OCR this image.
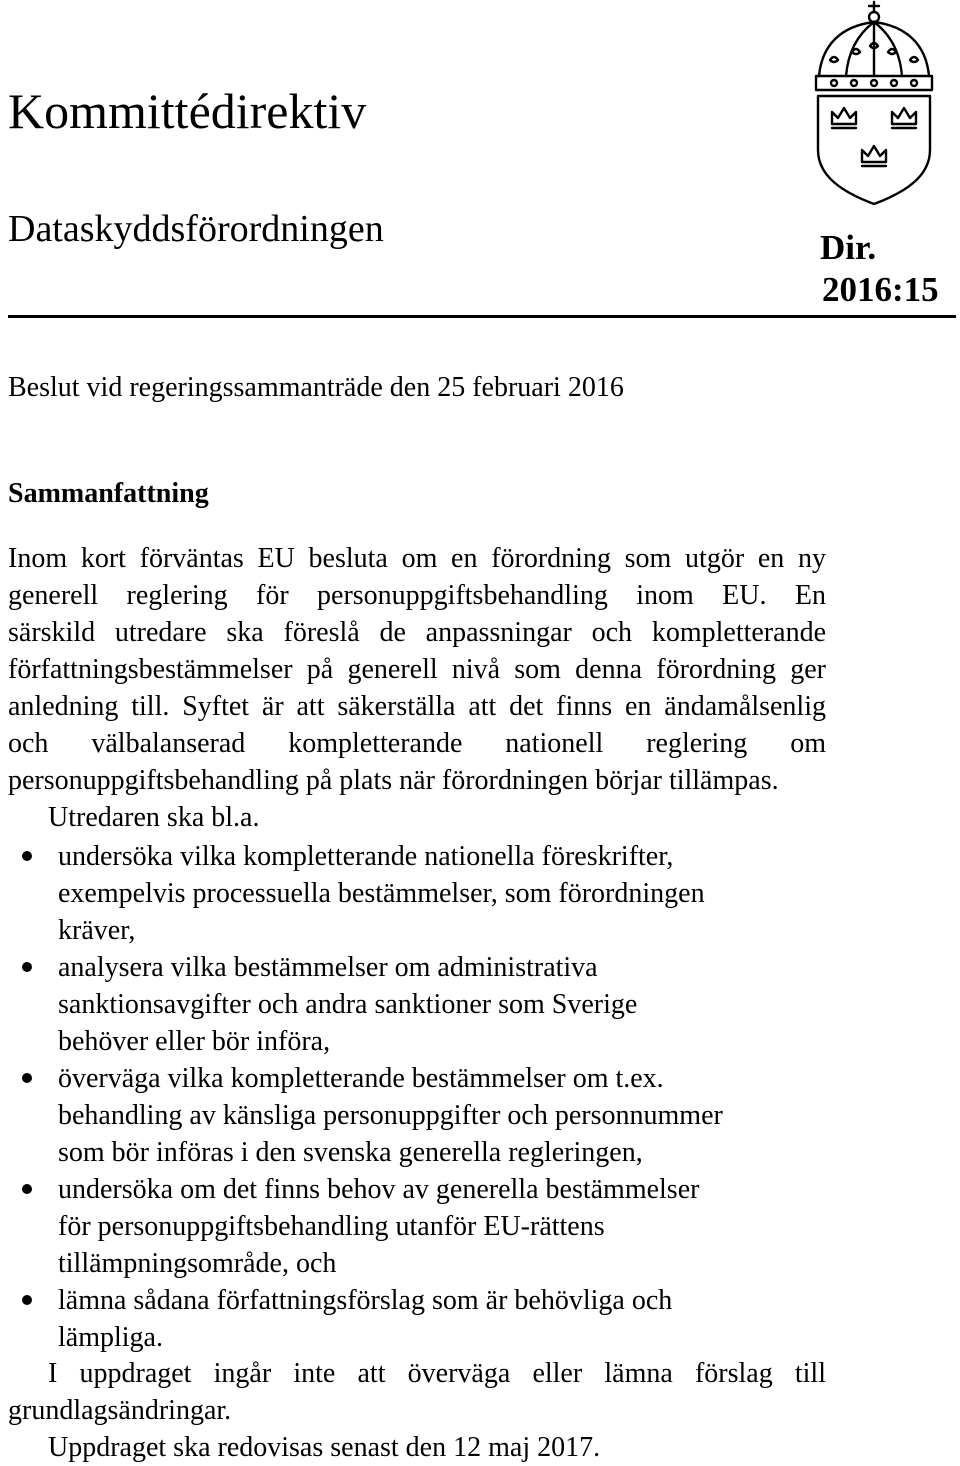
Kommittédirektiv
Dataskyddsförordningen	Dir.
2016:15
Beslut vid regeringssammanträde den 25 februari 2016
Sammanfattning
Inom kort förväntas EU besluta om en förordning som utgör en ny
generell reglering för personuppgiftsbehandling inom EU. En
särskild utredare ska föreslå de anpassningar och kompletterande
författningsbestämmelser på generell nivå som denna förordning ger
anledning till. Syftet är att säkerställa att det finns en ändamålsenlig
och välbalanserad kompletterande nationell reglering om
personuppgiftsbehandling på plats när förordningen börjar tillämpas.
Utredaren ska bl.a.
undersöka vilka kompletterande nationella föreskrifter,
exempelvis processuella bestämmelser, som förordningen
kräver,
analysera vilka bestämmelser om administrativa
sanktionsavgifter och andra sanktioner som Sverige
behöver eller bör införa,
överväga vilka kompletterande bestämmelser om t.ex.
behandling av känsliga personuppgifter och personnummer
som bör införas i den svenska generella regleringen,
undersöka om det finns behov av generella bestämmelser
för personuppgiftsbehandling utanför EU-rättens
tillämpningsområde, och
lämna sådana författningsförslag som är behövliga och
lämpliga.
I uppdraget ingår inte att överväga eller lämna förslag till
grundlagsändringar.
Uppdraget ska redovisas senast den 12 maj 2017.
